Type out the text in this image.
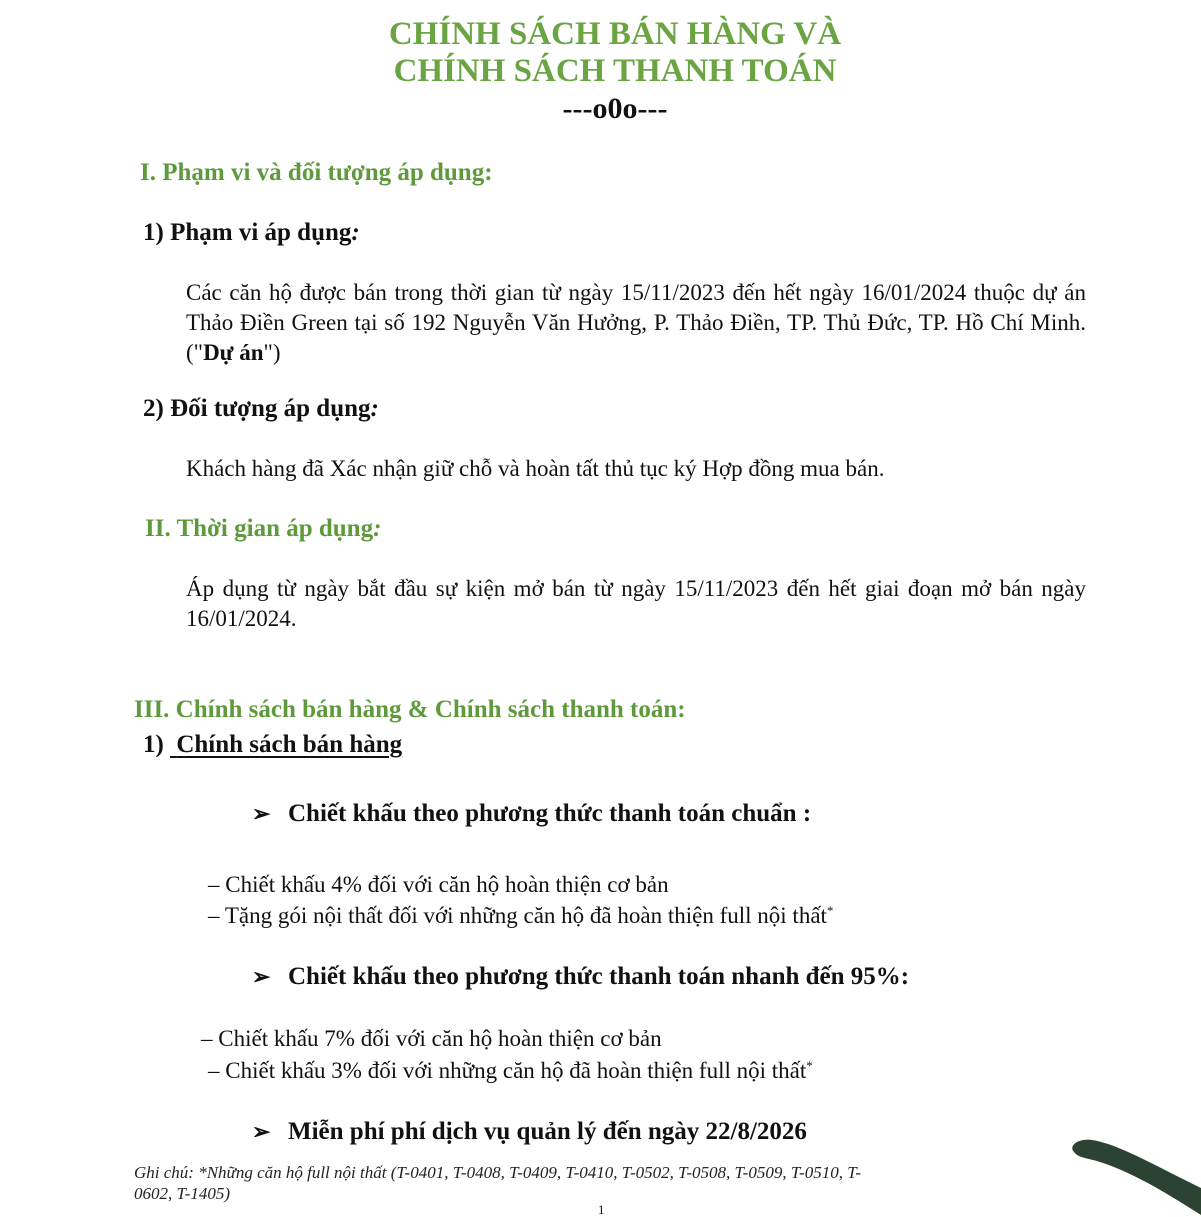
CHÍNH SÁCH BÁN HÀNG VÀ
CHÍNH SÁCH THANH TOÁN
---o0o---
I. Phạm vi và đối tượng áp dụng:
1) Phạm vi áp dụng:
Các căn hộ được bán trong thời gian từ ngày 15/11/2023 đến hết ngày 16/01/2024 thuộc dự án Thảo Điền Green tại số 192 Nguyễn Văn Hưởng, P. Thảo Điền, TP. Thủ Đức, TP. Hồ Chí Minh. ("Dự án")
2) Đối tượng áp dụng:
Khách hàng đã Xác nhận giữ chỗ và hoàn tất thủ tục ký Hợp đồng mua bán.
II. Thời gian áp dụng:
Áp dụng từ ngày bắt đầu sự kiện mở bán từ ngày 15/11/2023 đến hết giai đoạn mở bán ngày 16/01/2024.
III. Chính sách bán hàng & Chính sách thanh toán:
1)  Chính sách bán hàng
➢ Chiết khấu theo phương thức thanh toán chuẩn :
– Chiết khấu 4% đối với căn hộ hoàn thiện cơ bản
– Tặng gói nội thất đối với những căn hộ đã hoàn thiện full nội thất*
➢ Chiết khấu theo phương thức thanh toán nhanh đến 95%:
– Chiết khấu 7% đối với căn hộ hoàn thiện cơ bản
– Chiết khấu 3% đối với những căn hộ đã hoàn thiện full nội thất*
➢ Miễn phí phí dịch vụ quản lý đến ngày 22/8/2026
Ghi chú: *Những căn hộ full nội thất (T-0401, T-0408, T-0409, T-0410, T-0502, T-0508, T-0509, T-0510, T-0602, T-1405)
1
